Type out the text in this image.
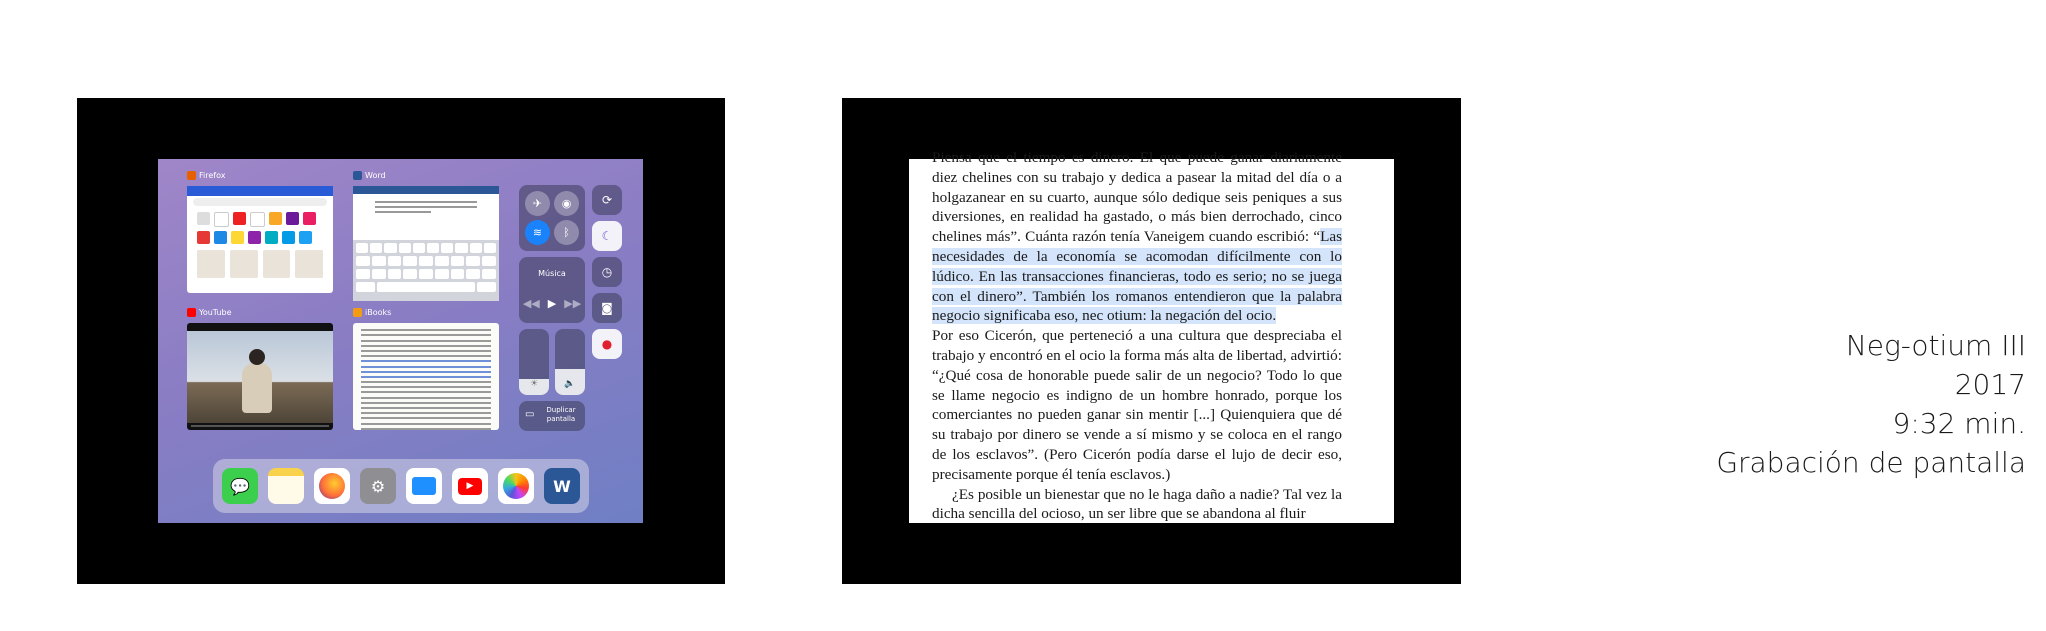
Firefox	Word
YouTube	iBooks
✈	◉
≋	ᛒ
⟳
☾
◷
◙
●
Música
◀◀ ▶ ▶▶
☀	🔈
▭	Duplicar pantalla
💬	⚙	▶	W

Piensa que el tiempo es dinero. El que puede ganar diariamente diez chelines con su trabajo y dedica a pasear la mitad del día o a holgazanear en su cuarto, aunque sólo dedique seis peniques a sus diversiones, en realidad ha gastado, o más bien derrochado, cinco chelines más”. Cuánta razón tenía Vaneigem cuando escribió: “Las necesidades de la economía se acomodan difícilmente con lo lúdico. En las transacciones financieras, todo es serio; no se juega con el dinero”. También los romanos entendieron que la palabra negocio significaba eso, nec otium: la negación del ocio.

Por eso Cicerón, que perteneció a una cultura que despreciaba el trabajo y encontró en el ocio la forma más alta de libertad, advirtió: “¿Qué cosa de honorable puede salir de un negocio? Todo lo que se llame negocio es indigno de un hombre honrado, porque los comerciantes no pueden ganar sin mentir [...] Quienquiera que dé su trabajo por dinero se vende a sí mismo y se coloca en el rango de los esclavos”. (Pero Cicerón podía darse el lujo de decir eso, precisamente porque él tenía esclavos.)

¿Es posible un bienestar que no le haga daño a nadie? Tal vez la dicha sencilla del ocioso, un ser libre que se abandona al fluir

Neg-otium III
2017
9:32 min.
Grabación de pantalla
